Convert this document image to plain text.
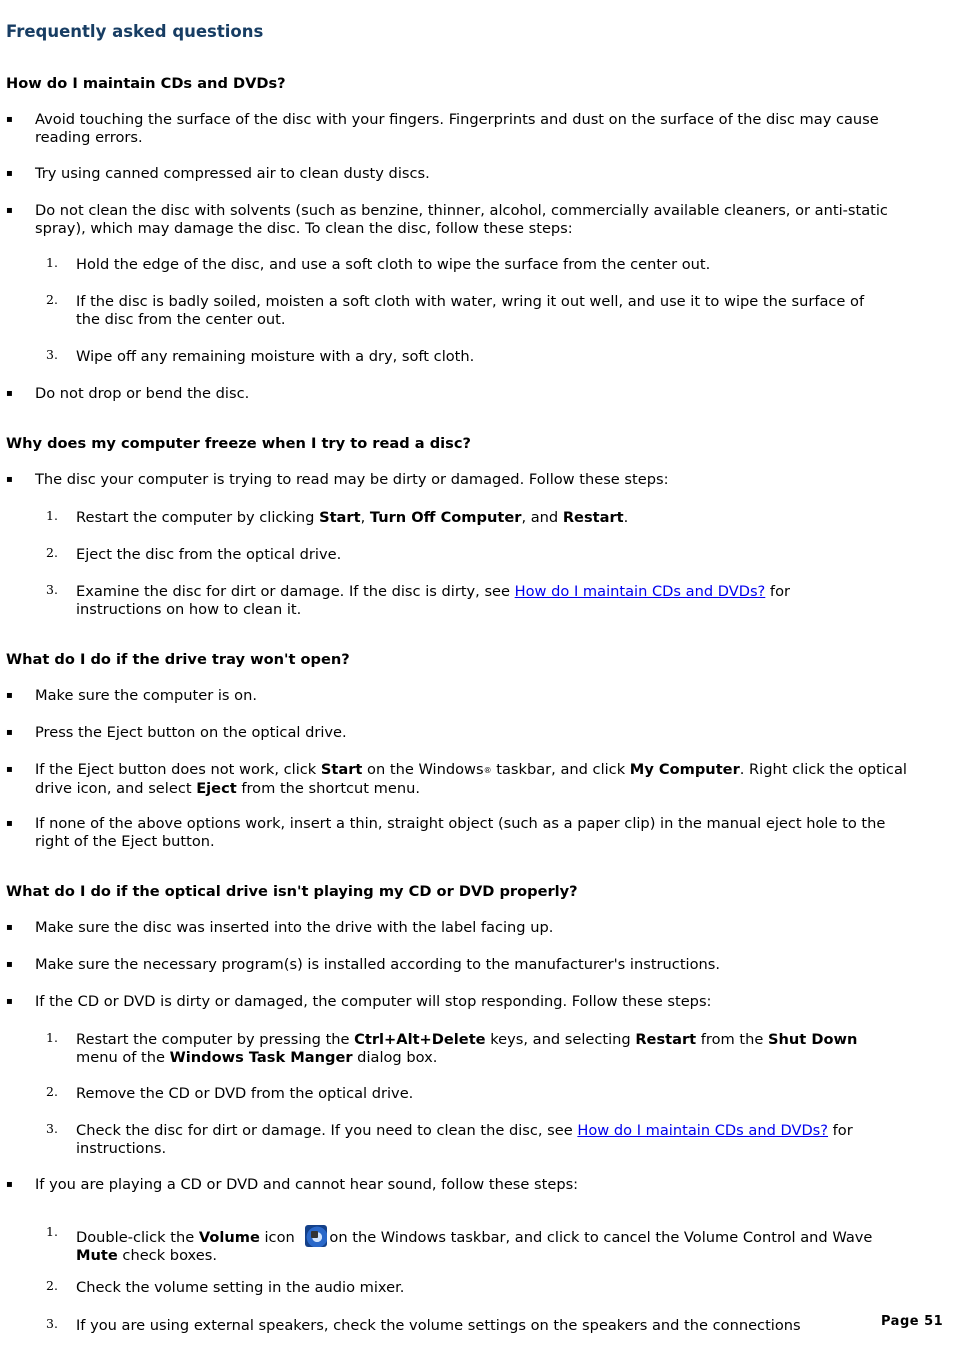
Frequently asked questions
How do I maintain CDs and DVDs?
▪ Avoid touching the surface of the disc with your fingers. Fingerprints and dust on the surface of the disc may cause reading errors.
▪ Try using canned compressed air to clean dusty discs.
▪ Do not clean the disc with solvents (such as benzine, thinner, alcohol, commercially available cleaners, or anti-static spray), which may damage the disc. To clean the disc, follow these steps:
1. Hold the edge of the disc, and use a soft cloth to wipe the surface from the center out.
2. If the disc is badly soiled, moisten a soft cloth with water, wring it out well, and use it to wipe the surface of the disc from the center out.
3. Wipe off any remaining moisture with a dry, soft cloth.
▪ Do not drop or bend the disc.
Why does my computer freeze when I try to read a disc?
▪ The disc your computer is trying to read may be dirty or damaged. Follow these steps:
1. Restart the computer by clicking Start, Turn Off Computer, and Restart.
2. Eject the disc from the optical drive.
3. Examine the disc for dirt or damage. If the disc is dirty, see How do I maintain CDs and DVDs? for instructions on how to clean it.
What do I do if the drive tray won't open?
▪ Make sure the computer is on.
▪ Press the Eject button on the optical drive.
▪ If the Eject button does not work, click Start on the Windows® taskbar, and click My Computer. Right click the optical drive icon, and select Eject from the shortcut menu.
▪ If none of the above options work, insert a thin, straight object (such as a paper clip) in the manual eject hole to the right of the Eject button.
What do I do if the optical drive isn't playing my CD or DVD properly?
▪ Make sure the disc was inserted into the drive with the label facing up.
▪ Make sure the necessary program(s) is installed according to the manufacturer's instructions.
▪ If the CD or DVD is dirty or damaged, the computer will stop responding. Follow these steps:
1. Restart the computer by pressing the Ctrl+Alt+Delete keys, and selecting Restart from the Shut Down menu of the Windows Task Manger dialog box.
2. Remove the CD or DVD from the optical drive.
3. Check the disc for dirt or damage. If you need to clean the disc, see How do I maintain CDs and DVDs? for instructions.
▪ If you are playing a CD or DVD and cannot hear sound, follow these steps:
1. Double-click the Volume icon on the Windows taskbar, and click to cancel the Volume Control and Wave Mute check boxes.
2. Check the volume setting in the audio mixer.
3. If you are using external speakers, check the volume settings on the speakers and the connections	Page 51
